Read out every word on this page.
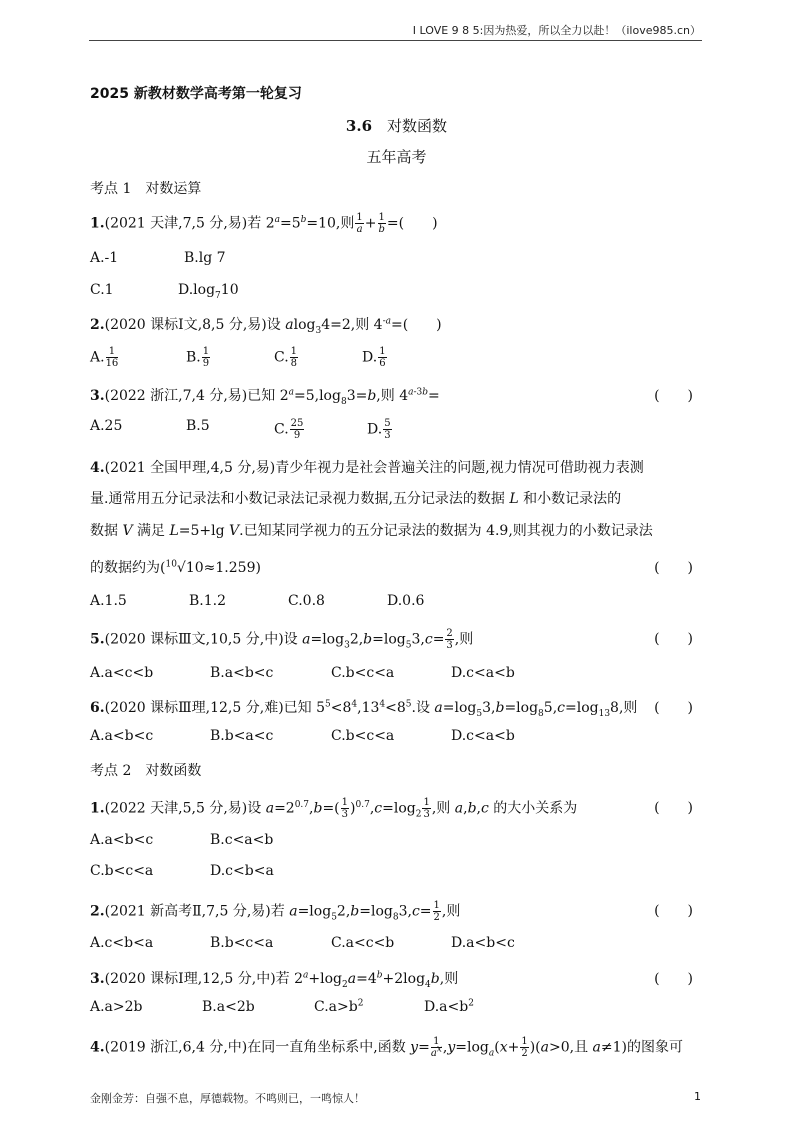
I LOVE 9 8 5:因为热爱，所以全力以赴！（ilove985.cn）
2025 新教材数学高考第一轮复习
3.6　 对数函数
五年高考
考点 1　对数运算
1.(2021 天津,7,5 分,易)若 $2^a=5^b=10$,则 $\frac{1}{a} + \frac{1}{b}$ =(　　)
A.-1	B.lg 7
C.1	$D.\log_710$
2.(2020 课标Ⅰ文,8,5 分,易)设 alog$_3$4=2,则 $4^{-a}=$(　　)
A. $\frac{1}{16}$	B. $\frac{1}{9}$	C. $\frac{1}{8}$	D. $\frac{1}{6}$
3.(2022 浙江,7,4 分,易)已知 $2^a=5,\log_83=b$,则 $4^{a-3b}=$	(　　)
A.25	B.5	C. $\frac{25}{9}$	D. $\frac{5}{3}$
4.(2021 全国甲理,4,5 分,易)青少年视力是社会普遍关注的问题,视力情况可借助视力表测
量.通常用五分记录法和小数记录法记录视力数据,五分记录法的数据 L 和小数记录法的
数据 V 满足 L=5+lg V.已知某同学视力的五分记录法的数据为 4.9,则其视力的小数记录法
的数据约为($^{10}$√10≈1.259)	(　　)
A.1.5	B.1.2	C.0.8	D.0.6
5.(2020 课标Ⅲ文,10,5 分,中)设 $a=\log_32,b=\log_53,c= \frac{2}{3}$ ,则	(　　)
A.a<c<b	B.a<b<c	C.b<c<a	D.c<a<b
6.(2020 课标Ⅲ理,12,5 分,难)已知 $5^5<8^4,13^4<8^5$.设 $a=\log_53,b=\log_85,c=\log_{13}8$,则 (　　)
A.a<b<c	B.b<a<c	C.b<c<a	D.c<a<b
考点 2　对数函数
1.(2022 天津,5,5 分,易)设 $a=2^{0.7},b=( \frac{1}{3} )^{0.7},c=\log_2 \frac{1}{3}$ ,则 a,b,c 的大小关系为	(　　)
A.a<b<c	B.c<a<b
C.b<c<a	D.c<b<a
2.(2021 新高考Ⅱ,7,5 分,易)若 $a=\log_52,b=\log_83,c= \frac{1}{2}$ ,则	(　　)
A.c<b<a	B.b<c<a	C.a<c<b	D.a<b<c
3.(2020 课标Ⅰ理,12,5 分,中)若 $2^a+\log_2a=4^b+2\log_4b$,则	(　　)
A.a>2b	B.a<2b	$C.a>b^2$	$D.a<b^2$
4.(2019 浙江,6,4 分,中)在同一直角坐标系中,函数 $y= \frac{1}{a^x} ,y=\log_a(x+ \frac{1}{2} )(a>0$,且 a≠1)的图象可
金刚金芳：自强不息，厚德载物。不鸣则已，一鸣惊人！	1
